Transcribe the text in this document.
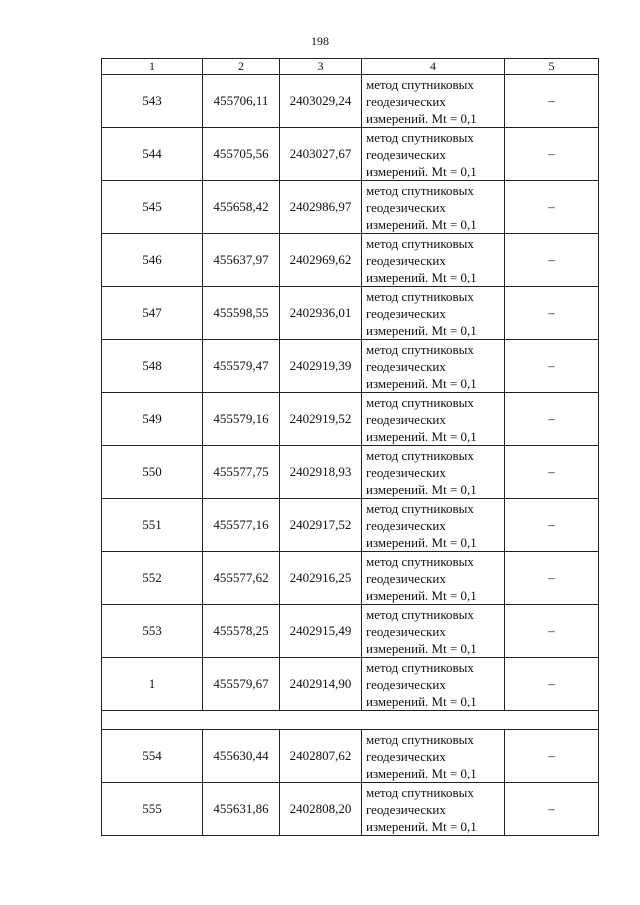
198
1	2	3	4	5
543	455706,11	2403029,24	метод спутниковых
геодезических
измерений. Mt = 0,1	–
544	455705,56	2403027,67	метод спутниковых
геодезических
измерений. Mt = 0,1	–
545	455658,42	2402986,97	метод спутниковых
геодезических
измерений. Mt = 0,1	–
546	455637,97	2402969,62	метод спутниковых
геодезических
измерений. Mt = 0,1	–
547	455598,55	2402936,01	метод спутниковых
геодезических
измерений. Mt = 0,1	–
548	455579,47	2402919,39	метод спутниковых
геодезических
измерений. Mt = 0,1	–
549	455579,16	2402919,52	метод спутниковых
геодезических
измерений. Mt = 0,1	–
550	455577,75	2402918,93	метод спутниковых
геодезических
измерений. Mt = 0,1	–
551	455577,16	2402917,52	метод спутниковых
геодезических
измерений. Mt = 0,1	–
552	455577,62	2402916,25	метод спутниковых
геодезических
измерений. Mt = 0,1	–
553	455578,25	2402915,49	метод спутниковых
геодезических
измерений. Mt = 0,1	–
1	455579,67	2402914,90	метод спутниковых
геодезических
измерений. Mt = 0,1	–

554	455630,44	2402807,62	метод спутниковых
геодезических
измерений. Mt = 0,1	–
555	455631,86	2402808,20	метод спутниковых
геодезических
измерений. Mt = 0,1	–
